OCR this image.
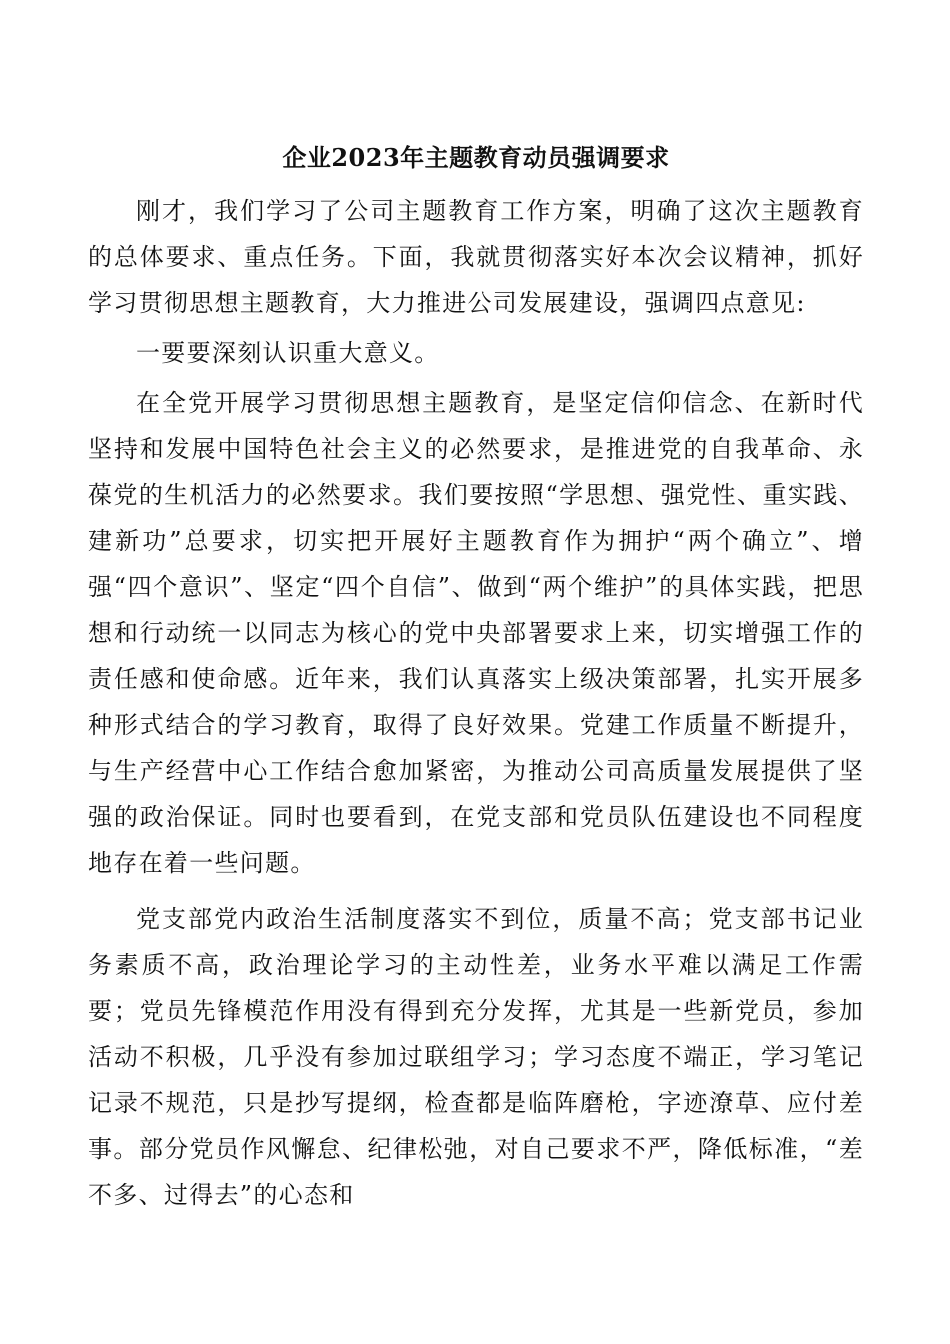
企业2023年主题教育动员强调要求

刚才，我们学习了公司主题教育工作方案，明确了这次主题教育的总体要求、重点任务。下面，我就贯彻落实好本次会议精神，抓好学习贯彻思想主题教育，大力推进公司发展建设，强调四点意见:

一要要深刻认识重大意义。

在全党开展学习贯彻思想主题教育，是坚定信仰信念、在新时代坚持和发展中国特色社会主义的必然要求，是推进党的自我革命、永葆党的生机活力的必然要求。我们要按照“学思想、强党性、重实践、建新功”总要求，切实把开展好主题教育作为拥护“两个确立”、增强“四个意识”、坚定“四个自信”、做到“两个维护”的具体实践，把思想和行动统一以同志为核心的党中央部署要求上来，切实增强工作的责任感和使命感。近年来，我们认真落实上级决策部署，扎实开展多种形式结合的学习教育，取得了良好效果。党建工作质量不断提升，与生产经营中心工作结合愈加紧密，为推动公司高质量发展提供了坚强的政治保证。同时也要看到，在党支部和党员队伍建设也不同程度地存在着一些问题。

党支部党内政治生活制度落实不到位，质量不高；党支部书记业务素质不高，政治理论学习的主动性差，业务水平难以满足工作需要；党员先锋模范作用没有得到充分发挥，尤其是一些新党员，参加活动不积极，几乎没有参加过联组学习；学习态度不端正，学习笔记记录不规范，只是抄写提纲，检查都是临阵磨枪，字迹潦草、应付差事。部分党员作风懈怠、纪律松弛，对自己要求不严，降低标准，“差不多、过得去”的心态和
